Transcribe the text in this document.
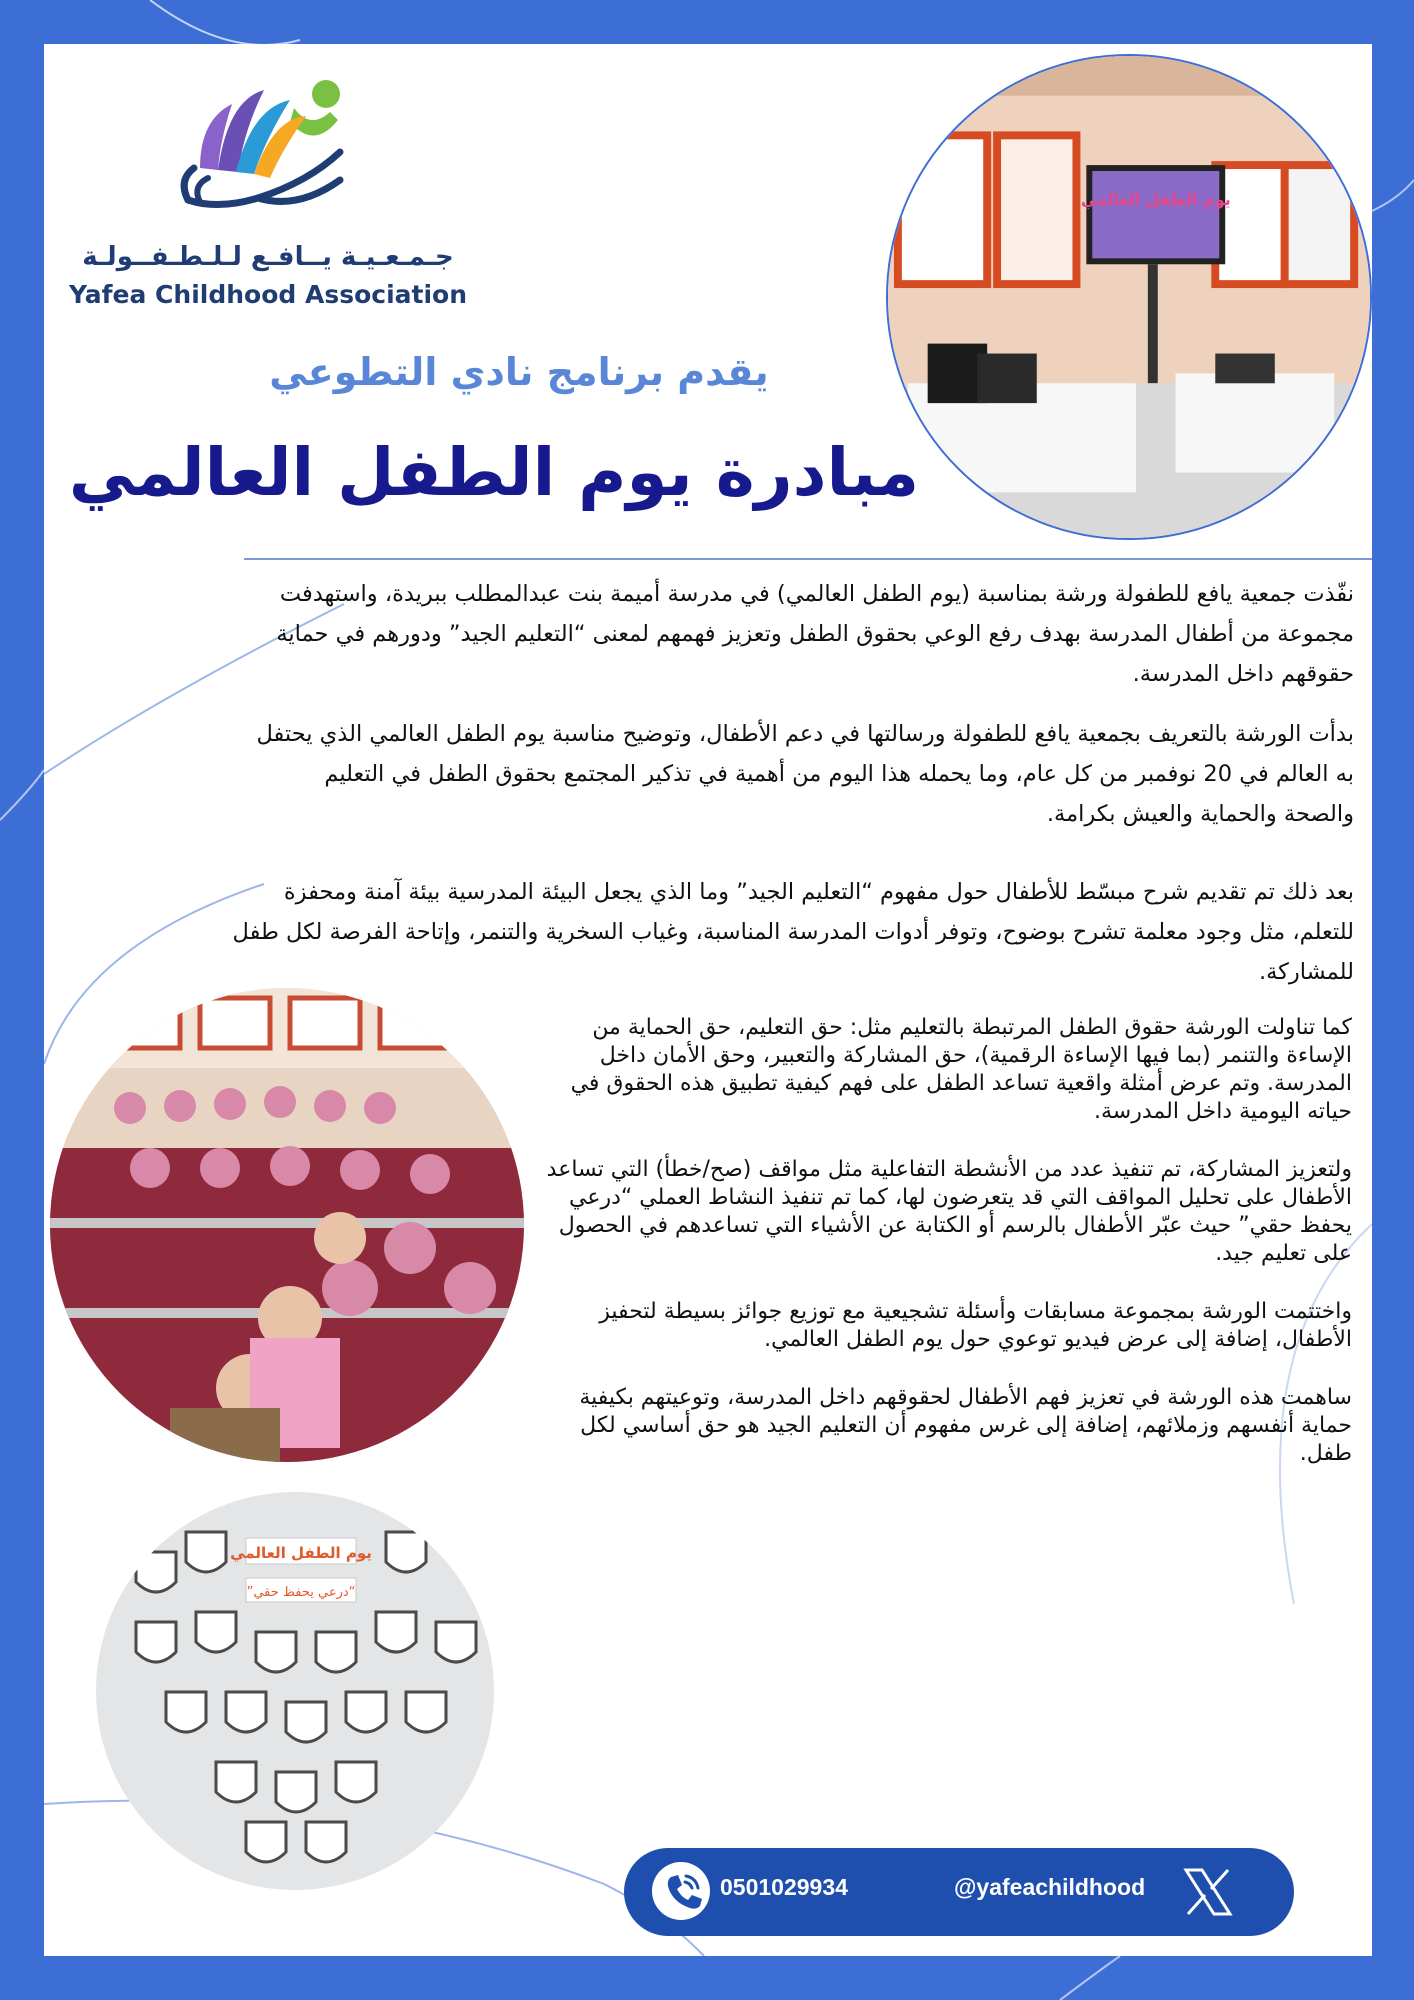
جـمـعـيـة يــافـع لـلـطـفــولـة
Yafea Childhood Association
يقدم برنامج نادي التطوعي
مبادرة يوم الطفل العالمي
يوم الطفل العالمي
نفّذت جمعية يافع للطفولة ورشة بمناسبة (يوم الطفل العالمي) في مدرسة أميمة بنت عبدالمطلب ببريدة، واستهدفت مجموعة من أطفال المدرسة بهدف رفع الوعي بحقوق الطفل وتعزيز فهمهم لمعنى “التعليم الجيد” ودورهم في حماية حقوقهم داخل المدرسة.
بدأت الورشة بالتعريف بجمعية يافع للطفولة ورسالتها في دعم الأطفال، وتوضيح مناسبة يوم الطفل العالمي الذي يحتفل به العالم في 20 نوفمبر من كل عام، وما يحمله هذا اليوم من أهمية في تذكير المجتمع بحقوق الطفل في التعليم والصحة والحماية والعيش بكرامة.
بعد ذلك تم تقديم شرح مبسّط للأطفال حول مفهوم “التعليم الجيد” وما الذي يجعل البيئة المدرسية بيئة آمنة ومحفزة للتعلم، مثل وجود معلمة تشرح بوضوح، وتوفر أدوات المدرسة المناسبة، وغياب السخرية والتنمر، وإتاحة الفرصة لكل طفل للمشاركة.
كما تناولت الورشة حقوق الطفل المرتبطة بالتعليم مثل: حق التعليم، حق الحماية من الإساءة والتنمر (بما فيها الإساءة الرقمية)، حق المشاركة والتعبير، وحق الأمان داخل المدرسة. وتم عرض أمثلة واقعية تساعد الطفل على فهم كيفية تطبيق هذه الحقوق في حياته اليومية داخل المدرسة.
ولتعزيز المشاركة، تم تنفيذ عدد من الأنشطة التفاعلية مثل مواقف (صح/خطأ) التي تساعد الأطفال على تحليل المواقف التي قد يتعرضون لها، كما تم تنفيذ النشاط العملي “درعي يحفظ حقي” حيث عبّر الأطفال بالرسم أو الكتابة عن الأشياء التي تساعدهم في الحصول على تعليم جيد.
واختتمت الورشة بمجموعة مسابقات وأسئلة تشجيعية مع توزيع جوائز بسيطة لتحفيز الأطفال، إضافة إلى عرض فيديو توعوي حول يوم الطفل العالمي.
ساهمت هذه الورشة في تعزيز فهم الأطفال لحقوقهم داخل المدرسة، وتوعيتهم بكيفية حماية أنفسهم وزملائهم، إضافة إلى غرس مفهوم أن التعليم الجيد هو حق أساسي لكل طفل.
يوم الطفل العالمي
“درعي يحفظ حقي”
0501029934	@yafeachildhood
